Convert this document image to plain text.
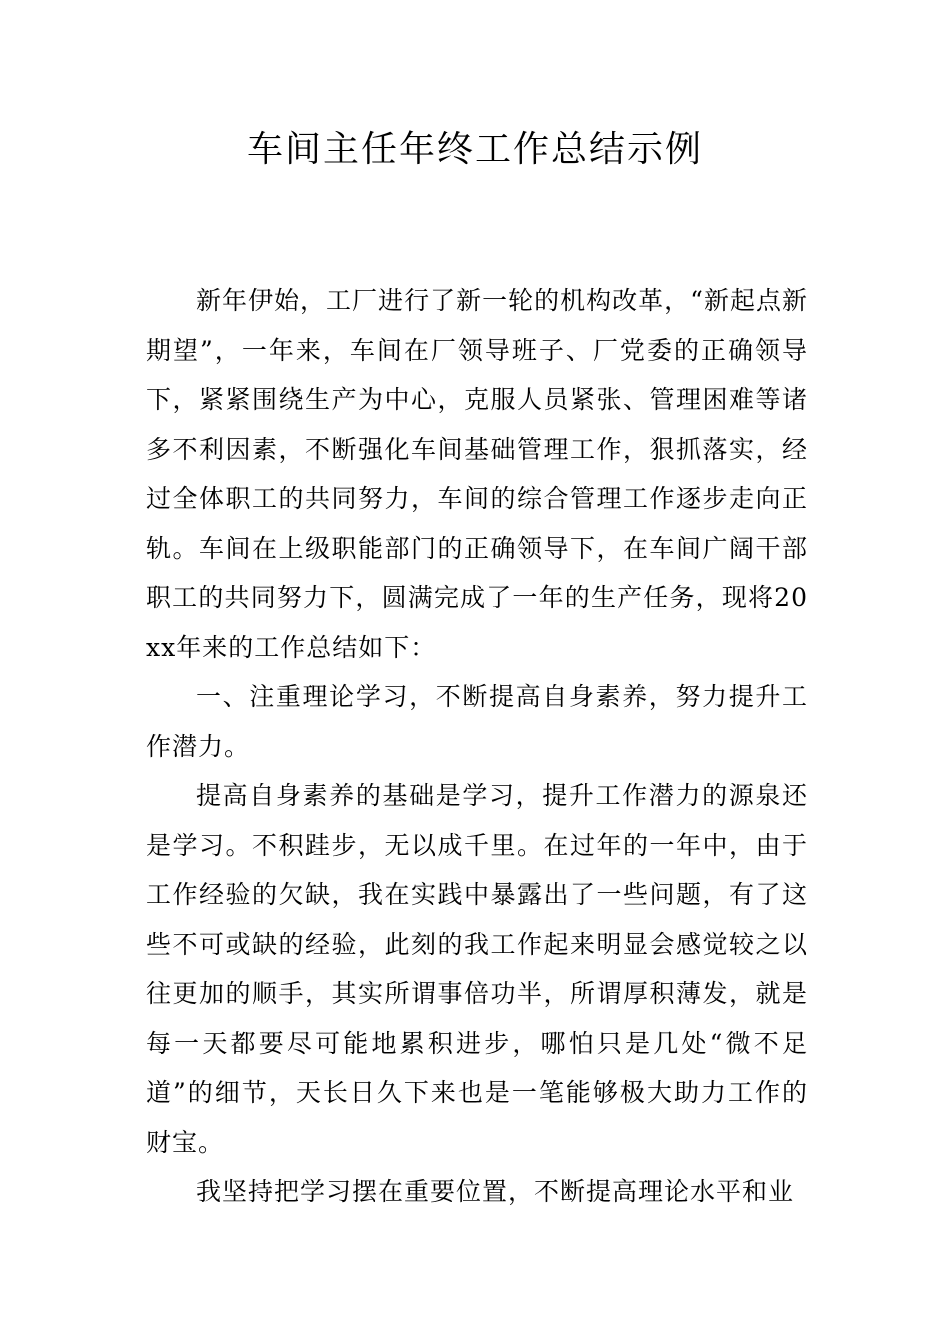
车间主任年终工作总结示例

新年伊始，工厂进行了新一轮的机构改革，“新起点新期望”，一年来，车间在厂领导班子、厂党委的正确领导下，紧紧围绕生产为中心，克服人员紧张、管理困难等诸多不利因素，不断强化车间基础管理工作，狠抓落实，经过全体职工的共同努力，车间的综合管理工作逐步走向正轨。车间在上级职能部门的正确领导下，在车间广阔干部职工的共同努力下，圆满完成了一年的生产任务，现将20xx年来的工作总结如下：

一、注重理论学习，不断提高自身素养，努力提升工作潜力。

提高自身素养的基础是学习，提升工作潜力的源泉还是学习。不积跬步，无以成千里。在过年的一年中，由于工作经验的欠缺，我在实践中暴露出了一些问题，有了这些不可或缺的经验，此刻的我工作起来明显会感觉较之以往更加的顺手，其实所谓事倍功半，所谓厚积薄发，就是每一天都要尽可能地累积进步，哪怕只是几处“微不足道”的细节，天长日久下来也是一笔能够极大助力工作的财宝。

我坚持把学习摆在重要位置，不断提高理论水平和业
